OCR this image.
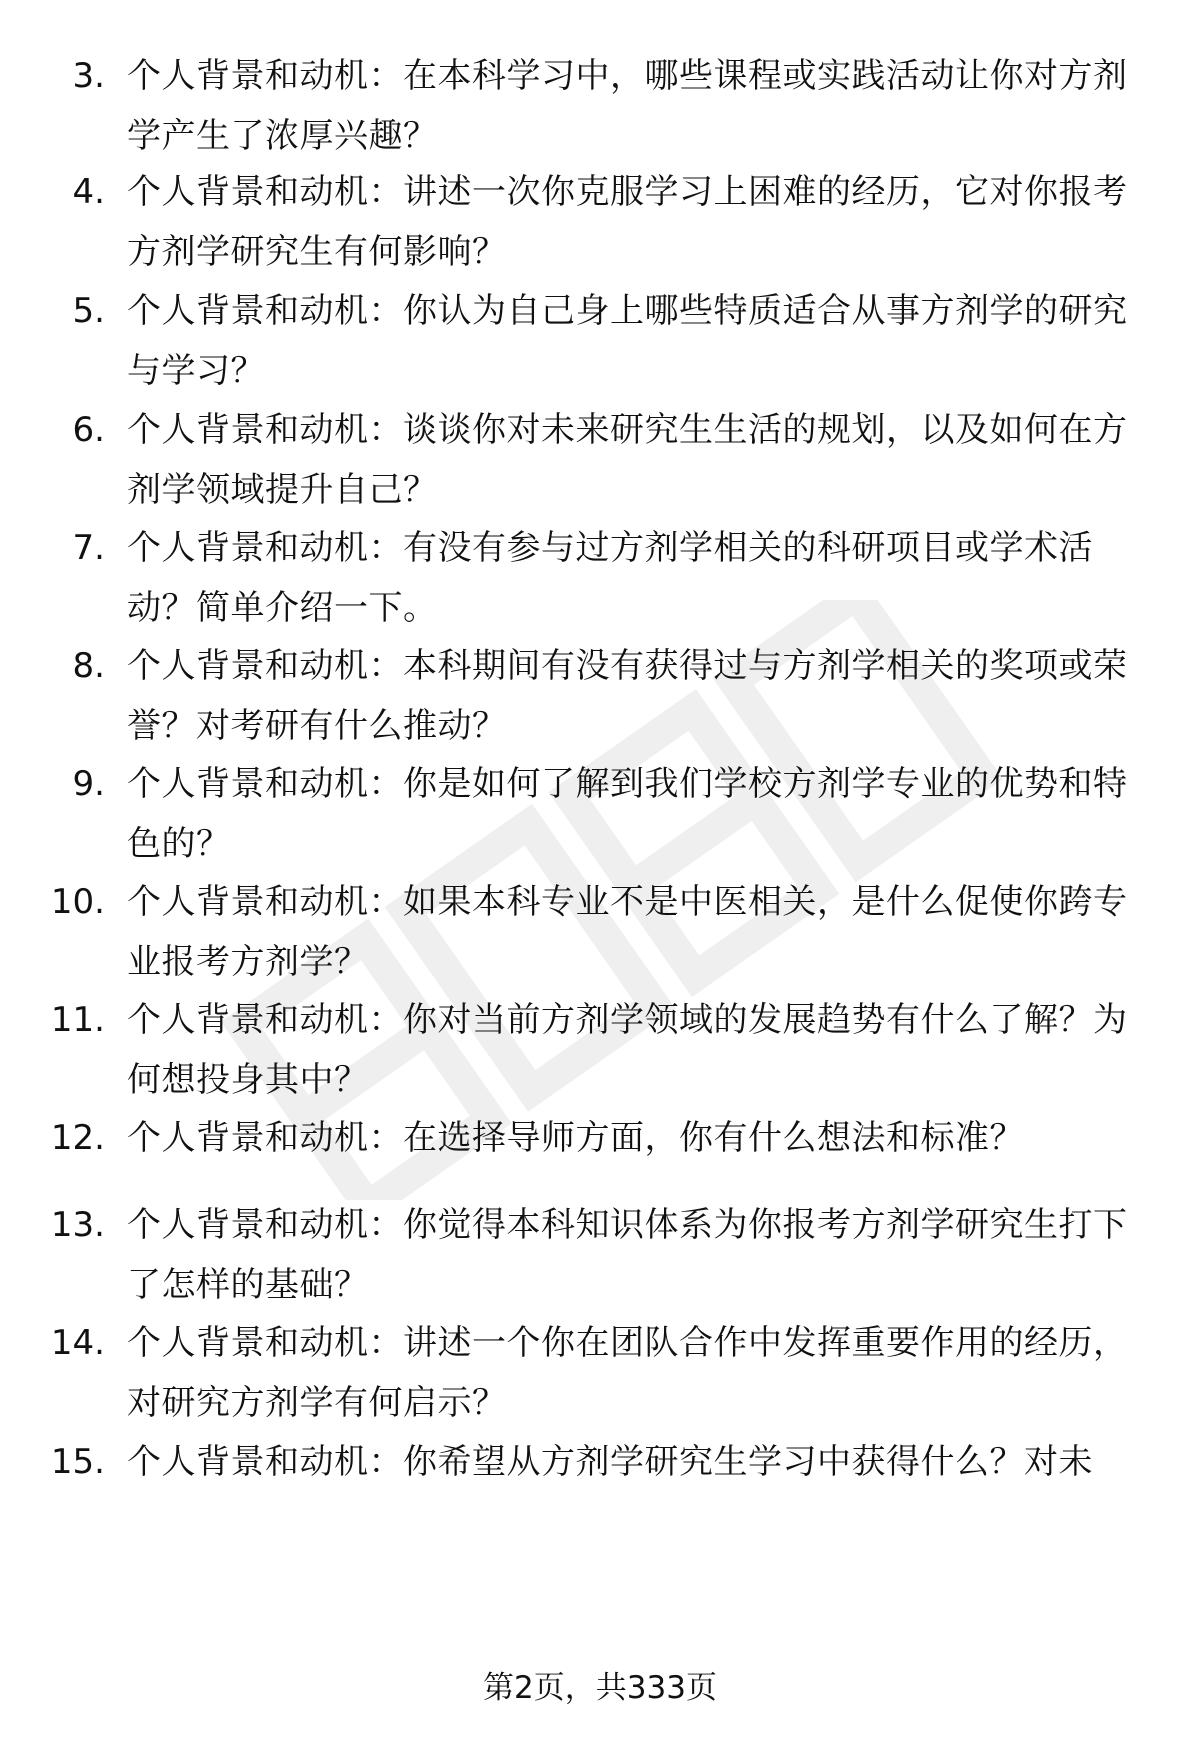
3. 个人背景和动机：在本科学习中，哪些课程或实践活动让你对方剂学产生了浓厚兴趣？
4. 个人背景和动机：讲述一次你克服学习上困难的经历，它对你报考方剂学研究生有何影响？
5. 个人背景和动机：你认为自己身上哪些特质适合从事方剂学的研究与学习？
6. 个人背景和动机：谈谈你对未来研究生生活的规划，以及如何在方剂学领域提升自己？
7. 个人背景和动机：有没有参与过方剂学相关的科研项目或学术活动？简单介绍一下。
8. 个人背景和动机：本科期间有没有获得过与方剂学相关的奖项或荣誉？对考研有什么推动？
9. 个人背景和动机：你是如何了解到我们学校方剂学专业的优势和特色的？
10. 个人背景和动机：如果本科专业不是中医相关，是什么促使你跨专业报考方剂学？
11. 个人背景和动机：你对当前方剂学领域的发展趋势有什么了解？为何想投身其中？
12. 个人背景和动机：在选择导师方面，你有什么想法和标准？
13. 个人背景和动机：你觉得本科知识体系为你报考方剂学研究生打下了怎样的基础？
14. 个人背景和动机：讲述一个你在团队合作中发挥重要作用的经历，对研究方剂学有何启示？
15. 个人背景和动机：你希望从方剂学研究生学习中获得什么？对未
第2页，共333页
